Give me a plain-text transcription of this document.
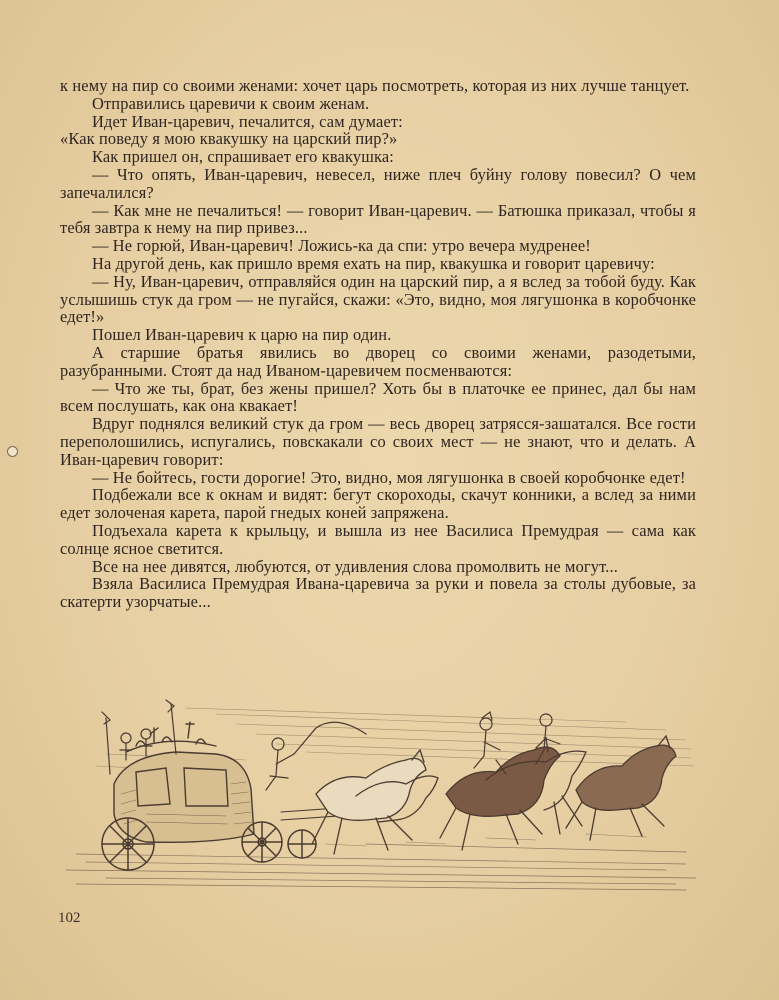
к нему на пир со своими женами: хочет царь посмотреть, которая из них лучше танцует.

Отправились царевичи к своим женам.

Идет Иван-царевич, печалится, сам думает:

«Как поведу я мою квакушку на царский пир?»

Как пришел он, спрашивает его квакушка:

— Что опять, Иван-царевич, невесел, ниже плеч буйну голову повесил? О чем запечалился?

— Как мне не печалиться! — говорит Иван-царевич. — Батюшка приказал, чтобы я тебя завтра к нему на пир привез...

— Не горюй, Иван-царевич! Ложись-ка да спи: утро вечера мудренее!

На другой день, как пришло время ехать на пир, квакушка и говорит царевичу:

— Ну, Иван-царевич, отправляйся один на царский пир, а я вслед за тобой буду. Как услышишь стук да гром — не пугайся, скажи: «Это, видно, моя лягушонка в коробчонке едет!»

Пошел Иван-царевич к царю на пир один.

А старшие братья явились во дворец со своими женами, разодетыми, разубранными. Стоят да над Иваном-царевичем посменваются:

— Что же ты, брат, без жены пришел? Хоть бы в платочке ее принес, дал бы нам всем послушать, как она квакает!

Вдруг поднялся великий стук да гром — весь дворец затрясся-зашатался. Все гости переполошились, испугались, повскакали со своих мест — не знают, что и делать. А Иван-царевич говорит:

— Не бойтесь, гости дорогие! Это, видно, моя лягушонка в своей коробчонке едет!

Подбежали все к окнам и видят: бегут скороходы, скачут конники, а вслед за ними едет золоченая карета, парой гнедых коней запряжена.

Подъехала карета к крыльцу, и вышла из нее Василиса Премудрая — сама как солнце ясное светится.

Все на нее дивятся, любуются, от удивления слова промолвить не могут...

Взяла Василиса Премудрая Ивана-царевича за руки и повела за столы дубовые, за скатерти узорчатые...

102
